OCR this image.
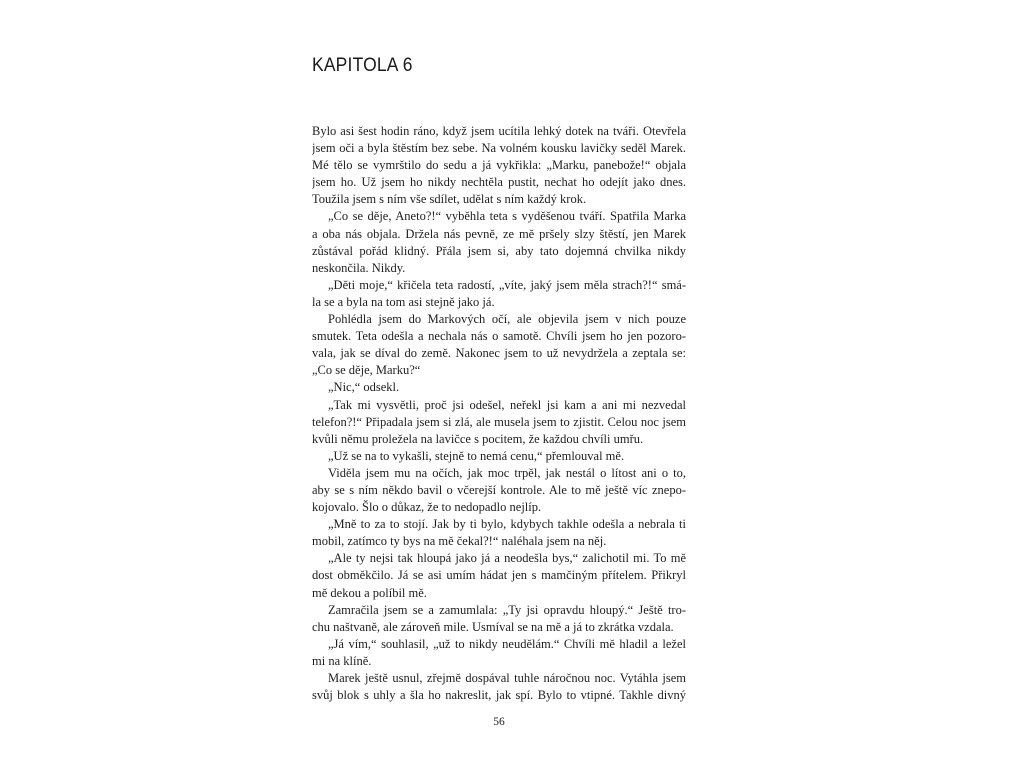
KAPITOLA 6

Bylo asi šest hodin ráno, když jsem ucítila lehký dotek na tváři. Otevřela
jsem oči a byla štěstím bez sebe. Na volném kousku lavičky seděl Marek.
Mé tělo se vymrštilo do sedu a já vykřikla: „Marku, panebože!“ objala
jsem ho. Už jsem ho nikdy nechtěla pustit, nechat ho odejít jako dnes.
Toužila jsem s ním vše sdílet, udělat s ním každý krok.

„Co se děje, Aneto?!“ vyběhla teta s vyděšenou tváří. Spatřila Marka
a oba nás objala. Držela nás pevně, ze mě pršely slzy štěstí, jen Marek
zůstával pořád klidný. Přála jsem si, aby tato dojemná chvilka nikdy
neskončila. Nikdy.

„Děti moje,“ křičela teta radostí, „víte, jaký jsem měla strach?!“ smá-
la se a byla na tom asi stejně jako já.

Pohlédla jsem do Markových očí, ale objevila jsem v nich pouze
smutek. Teta odešla a nechala nás o samotě. Chvíli jsem ho jen pozoro-
vala, jak se díval do země. Nakonec jsem to už nevydržela a zeptala se:
„Co se děje, Marku?“

„Nic,“ odsekl.

„Tak mi vysvětli, proč jsi odešel, neřekl jsi kam a ani mi nezvedal
telefon?!“ Připadala jsem si zlá, ale musela jsem to zjistit. Celou noc jsem
kvůli němu proležela na lavičce s pocitem, že každou chvíli umřu.

„Už se na to vykašli, stejně to nemá cenu,“ přemlouval mě.

Viděla jsem mu na očích, jak moc trpěl, jak nestál o lítost ani o to,
aby se s ním někdo bavil o včerejší kontrole. Ale to mě ještě víc znepo-
kojovalo. Šlo o důkaz, že to nedopadlo nejlíp.

„Mně to za to stojí. Jak by ti bylo, kdybych takhle odešla a nebrala ti
mobil, zatímco ty bys na mě čekal?!“ naléhala jsem na něj.

„Ale ty nejsi tak hloupá jako já a neodešla bys,“ zalichotil mi. To mě
dost obměkčilo. Já se asi umím hádat jen s mamčiným přítelem. Přikryl
mě dekou a políbil mě.

Zamračila jsem se a zamumlala: „Ty jsi opravdu hloupý.“ Ještě tro-
chu naštvaně, ale zároveň mile. Usmíval se na mě a já to zkrátka vzdala.

„Já vím,“ souhlasil, „už to nikdy neudělám.“ Chvíli mě hladil a ležel
mi na klíně.

Marek ještě usnul, zřejmě dospával tuhle náročnou noc. Vytáhla jsem
svůj blok s uhly a šla ho nakreslit, jak spí. Bylo to vtipné. Takhle divný

56
